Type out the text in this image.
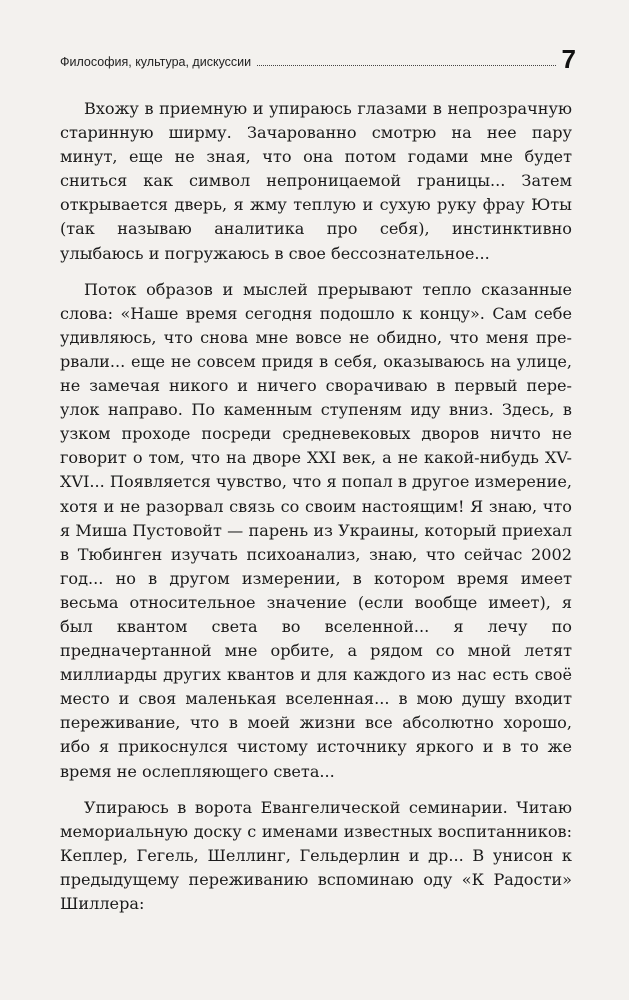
Философия, культура, дискуссии	7

Вхожу в приемную и упираюсь глазами в непрозрачную старинную ширму. Зачарованно смотрю на нее пару минут, еще не зная, что она потом годами мне будет сниться как символ непроницаемой границы... Затем открывается дверь, я жму теплую и сухую руку фрау Юты (так называю аналитика про себя), инстинктивно улыбаюсь и погружаюсь в свое бессознательное...

Поток образов и мыслей прерывают тепло сказанные слова: «Наше время сегодня подошло к концу». Сам себе удивляюсь, что снова мне вовсе не обидно, что меня прервали... еще не совсем придя в себя, оказываюсь на улице, не замечая никого и ничего сворачиваю в первый переулок направо. По каменным ступеням иду вниз. Здесь, в узком проходе посреди средневековых дворов ничто не говорит о том, что на дворе XXI век, а не какой-нибудь XV-XVI... Появляется чувство, что я попал в другое измерение, хотя и не разорвал связь со своим настоящим! Я знаю, что я Миша Пустовойт — парень из Украины, который приехал в Тюбинген изучать психоанализ, знаю, что сейчас 2002 год... но в другом измерении, в котором время имеет весьма относительное значение (если вообще имеет), я был квантом света во вселенной... я лечу по предначертанной мне орбите, а рядом со мной летят миллиарды других квантов и для каждого из нас есть своё место и своя маленькая вселенная... в мою душу входит переживание, что в моей жизни все абсолютно хорошо, ибо я прикоснулся чистому источнику яркого и в то же время не ослепляющего света...

Упираюсь в ворота Евангелической семинарии. Читаю мемориальную доску с именами известных воспитанников: Кеплер, Гегель, Шеллинг, Гельдерлин и др... В унисон к предыдущему переживанию вспоминаю оду «К Радости» Шиллера:
